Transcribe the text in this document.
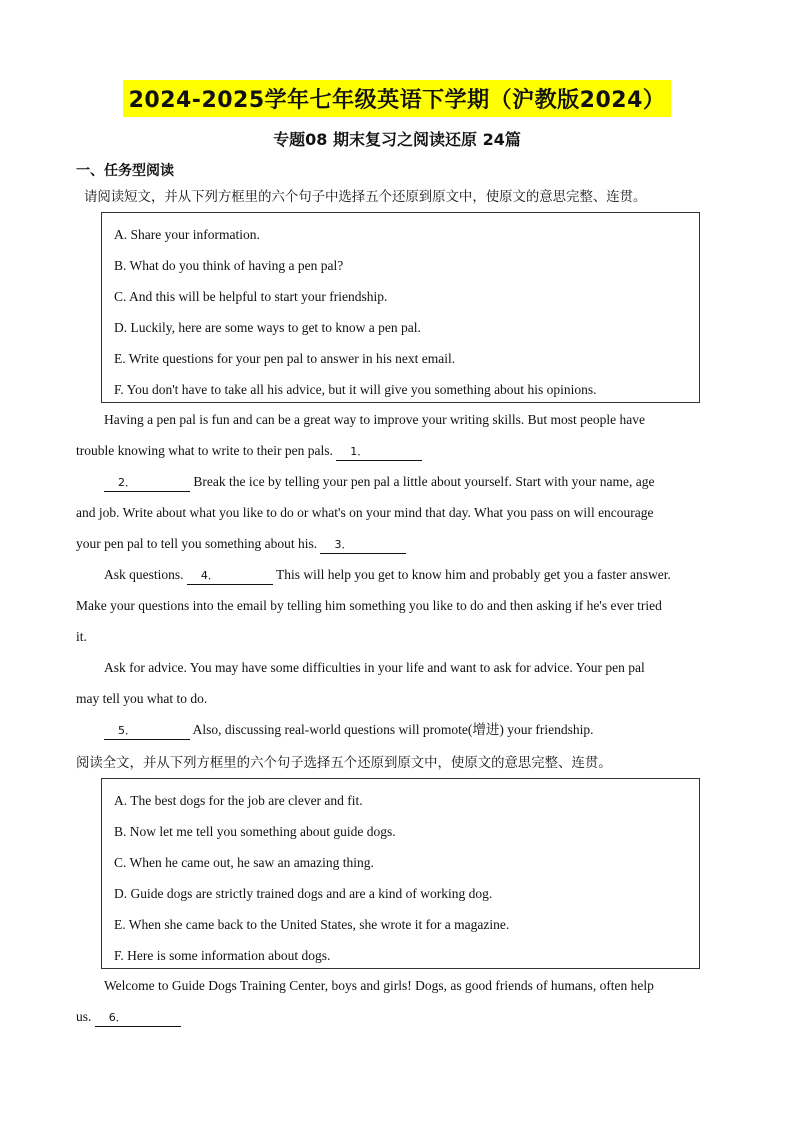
2024-2025学年七年级英语下学期（沪教版2024）
专题08 期末复习之阅读还原 24篇
一、任务型阅读
请阅读短文，并从下列方框里的六个句子中选择五个还原到原文中，使原文的意思完整、连贯。
A. Share your information.
B. What do you think of having a pen pal?
C. And this will be helpful to start your friendship.
D. Luckily, here are some ways to get to know a pen pal.
E. Write questions for your pen pal to answer in his next email.
F. You don't have to take all his advice, but it will give you something about his opinions.

Having a pen pal is fun and can be a great way to improve your writing skills. But most people have

trouble knowing what to write to their pen pals. 1．

2．	Break the ice by telling your pen pal a little about yourself. Start with your name, age

and job. Write about what you like to do or what's on your mind that day. What you pass on will encourage

your pen pal to tell you something about his. 3．

Ask questions. 4．	This will help you get to know him and probably get you a faster answer.

Make your questions into the email by telling him something you like to do and then asking if he's ever tried

it.

Ask for advice. You may have some difficulties in your life and want to ask for advice. Your pen pal

may tell you what to do.

5．	Also, discussing real-world questions will promote(增进) your friendship.

阅读全文，并从下列方框里的六个句子选择五个还原到原文中，使原文的意思完整、连贯。
A. The best dogs for the job are clever and fit.
B. Now let me tell you something about guide dogs.
C. When he came out, he saw an amazing thing.
D. Guide dogs are strictly trained dogs and are a kind of working dog.
E. When she came back to the United States, she wrote it for a magazine.
F. Here is some information about dogs.

Welcome to Guide Dogs Training Center, boys and girls! Dogs, as good friends of humans, often help

us. 6．
